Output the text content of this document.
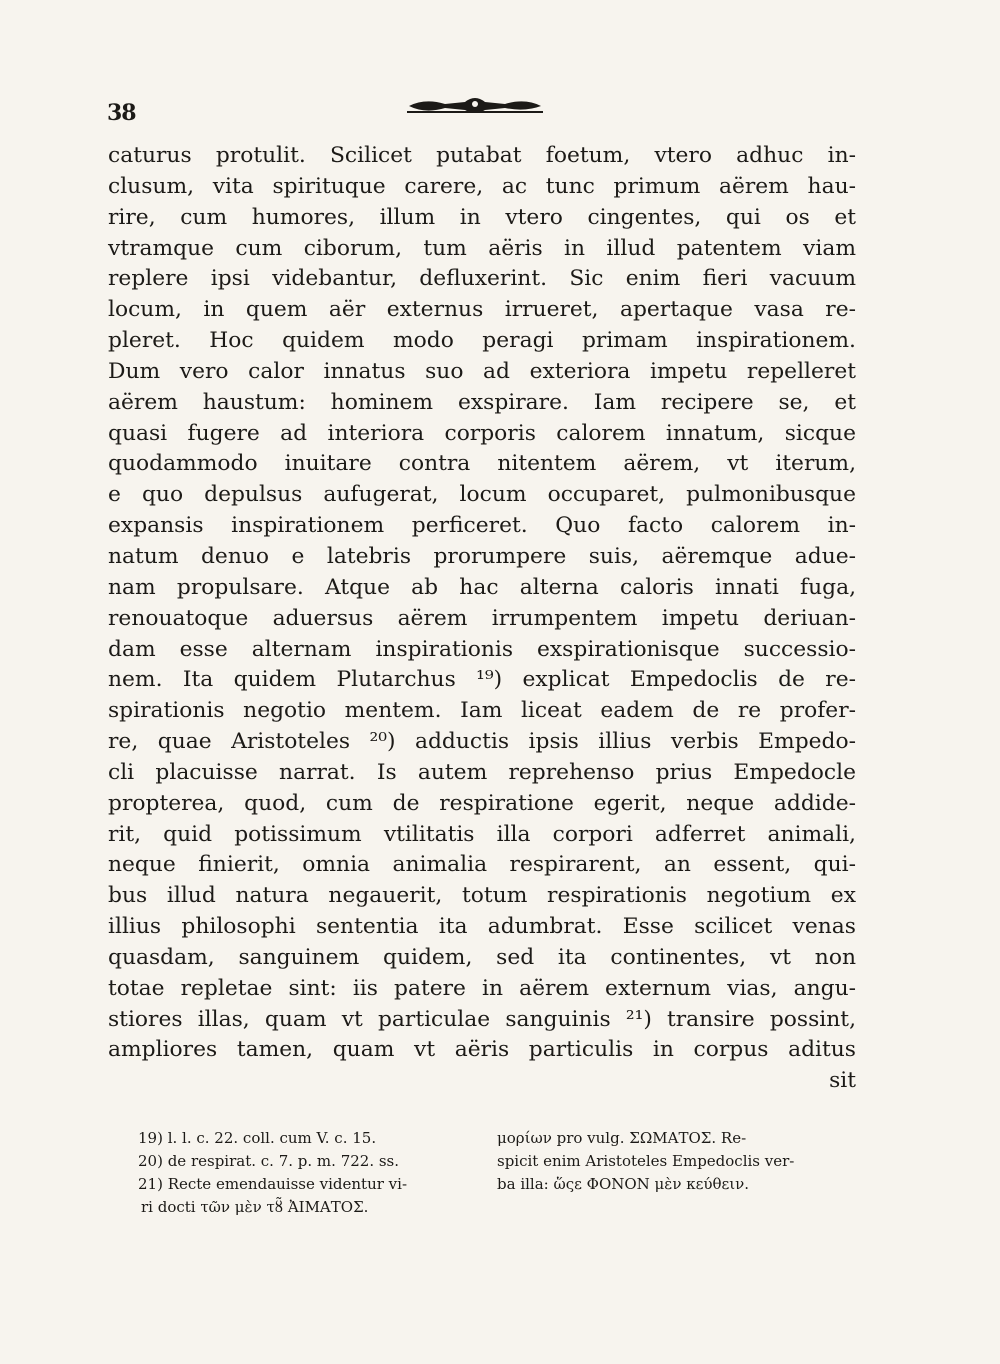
38
caturus protulit. Scilicet putabat foetum, vtero adhuc in-
clusum, vita spirituque carere, ac tunc primum aërem hau-
rire, cum humores, illum in vtero cingentes, qui os et
vtramque cum ciborum, tum aëris in illud patentem viam
replere ipsi videbantur, defluxerint. Sic enim fieri vacuum
locum, in quem aër externus irrueret, apertaque vasa re-
pleret. Hoc quidem modo peragi primam inspirationem.
Dum vero calor innatus suo ad exteriora impetu repelleret
aërem haustum: hominem exspirare. Iam recipere se, et
quasi fugere ad interiora corporis calorem innatum, sicque
quodammodo inuitare contra nitentem aërem, vt iterum,
e quo depulsus aufugerat, locum occuparet, pulmonibusque
expansis inspirationem perficeret. Quo facto calorem in-
natum denuo e latebris prorumpere suis, aëremque adue-
nam propulsare. Atque ab hac alterna caloris innati fuga,
renouatoque aduersus aërem irrumpentem impetu deriuan-
dam esse alternam inspirationis exspirationisque successio-
nem. Ita quidem Plutarchus ¹⁹) explicat Empedoclis de re-
spirationis negotio mentem. Iam liceat eadem de re profer-
re, quae Aristoteles ²⁰) adductis ipsis illius verbis Empedo-
cli placuisse narrat. Is autem reprehenso prius Empedocle
propterea, quod, cum de respiratione egerit, neque addide-
rit, quid potissimum vtilitatis illa corpori adferret animali,
neque finierit, omnia animalia respirarent, an essent, qui-
bus illud natura negauerit, totum respirationis negotium ex
illius philosophi sententia ita adumbrat. Esse scilicet venas
quasdam, sanguinem quidem, sed ita continentes, vt non
totae repletae sint: iis patere in aërem externum vias, angu-
stiores illas, quam vt particulae sanguinis ²¹) transire possint,
ampliores tamen, quam vt aëris particulis in corpus aditus
sit
19) l. l. c. 22. coll. cum V. c. 15.
20) de respirat. c. 7. p. m. 722. ss.
21) Recte emendauisse videntur vi-
ri docti τῶν μὲν τȣ̃ ἈΙΜΑΤΟΣ.
μορίων pro vulg. ΣΩΜΑΤΟΣ. Re-
spicit enim Aristoteles Empedoclis ver-
ba illa: ὥςε ΦΟΝΟΝ μὲν κεύθειν.
